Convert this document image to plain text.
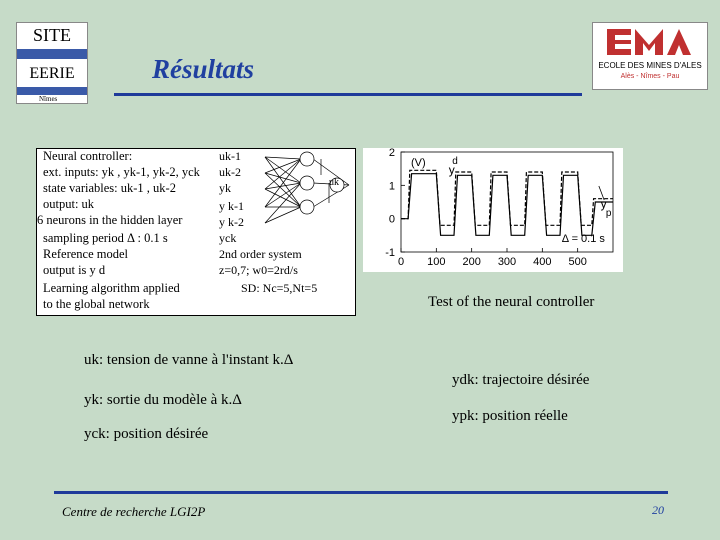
SITE
EERIE
Nîmes
ECOLE DES MINES D'ALES
Alès - Nîmes - Pau
Résultats
Neural controller:
ext. inputs: yk , yk-1, yk-2, yck
state variables: uk-1 , uk-2
output: uk
6 neurons in the hidden layer
sampling period Δ : 0.1 s
Reference model
output is y d
Learning algorithm applied
to the global network
uk-1
uk-2
yk
y k-1
y k-2
yck
uk
2nd order system
z=0,7; w0=2rd/s
SD: Nc=5,Nt=5
2
1
0
-1
0 100 200 300 400 500
(V)	d
y
y
p
Δ = 0.1 s
Test of the neural controller
uk: tension de vanne à l'instant k.Δ
yk: sortie du modèle à k.Δ
yck: position désirée
ydk: trajectoire désirée
ypk: position réelle
Centre de recherche LGI2P	20
